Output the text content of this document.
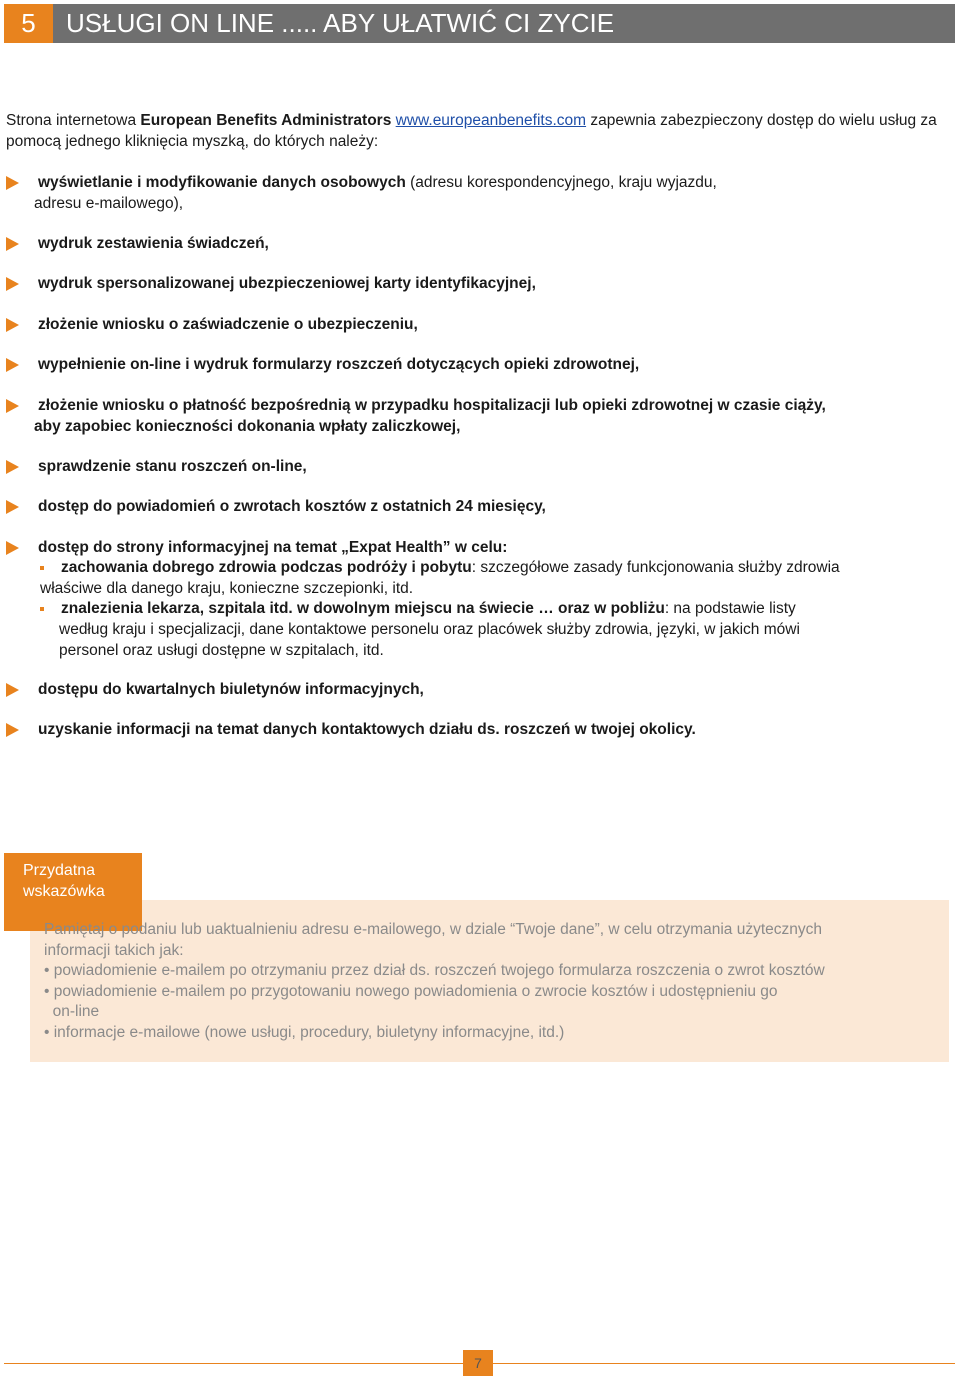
5	USŁUGI ON LINE ..... ABY UŁATWIĆ CI ZYCIE
Strona internetowa European Benefits Administrators www.europeanbenefits.com zapewnia zabezpieczony dostęp do wielu usług za pomocą jednego kliknięcia myszką, do których należy:
wyświetlanie i modyfikowanie danych osobowych (adresu korespondencyjnego, kraju wyjazdu,
adresu e-mailowego),
wydruk zestawienia świadczeń,
wydruk spersonalizowanej ubezpieczeniowej karty identyfikacyjnej,
złożenie wniosku o zaświadczenie o ubezpieczeniu,
wypełnienie on-line i wydruk formularzy roszczeń dotyczących opieki zdrowotnej,
złożenie wniosku o płatność bezpośrednią w przypadku hospitalizacji lub opieki zdrowotnej w czasie ciąży,
aby zapobiec konieczności dokonania wpłaty zaliczkowej,
sprawdzenie stanu roszczeń on-line,
dostęp do powiadomień o zwrotach kosztów z ostatnich 24 miesięcy,
dostęp do strony informacyjnej na temat „Expat Health” w celu:
zachowania dobrego zdrowia podczas podróży i pobytu: szczegółowe zasady funkcjonowania służby zdrowia
właściwe dla danego kraju, konieczne szczepionki, itd.
znalezienia lekarza, szpitala itd. w dowolnym miejscu na świecie … oraz w pobliżu: na podstawie listy
według kraju i specjalizacji, dane kontaktowe personelu oraz placówek służby zdrowia, języki, w jakich mówi
personel oraz usługi dostępne w szpitalach, itd.
dostępu do kwartalnych biuletynów informacyjnych,
uzyskanie informacji na temat danych kontaktowych działu ds. roszczeń w twojej okolicy.
Przydatna
wskazówka
Pamiętaj o podaniu lub uaktualnieniu adresu e-mailowego, w dziale “Twoje dane”, w celu otrzymania użytecznych
informacji takich jak:
• powiadomienie e-mailem po otrzymaniu przez dział ds. roszczeń twojego formularza roszczenia o zwrot kosztów
• powiadomienie e-mailem po przygotowaniu nowego powiadomienia o zwrocie kosztów i udostępnieniu go
on-line
• informacje e-mailowe (nowe usługi, procedury, biuletyny informacyjne, itd.)
7
